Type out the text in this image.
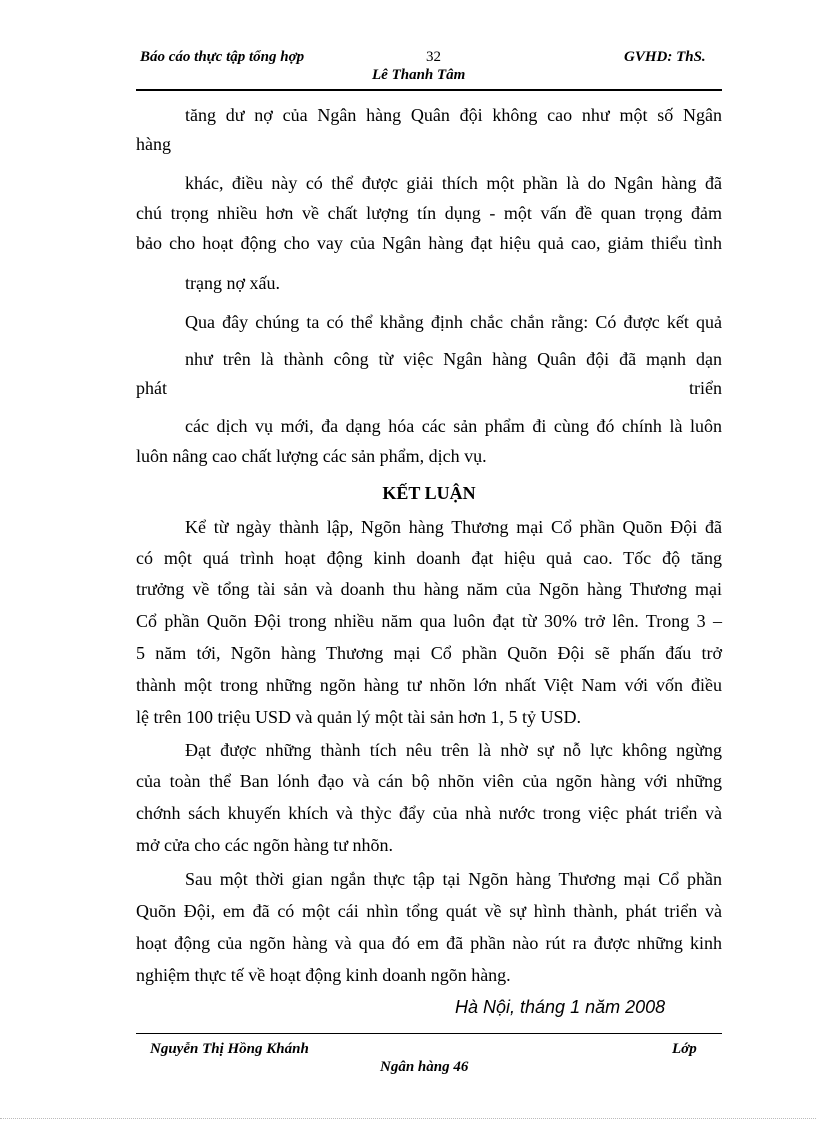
Báo cáo thực tập tổng hợp	32	GVHD: ThS.
Lê Thanh Tâm
tăng dư nợ của Ngân hàng Quân đội không cao như một số Ngân
hàng
khác, điều này có thể được giải thích một phần là do Ngân hàng đã
chú trọng nhiều hơn về chất lượng tín dụng - một vấn đề quan trọng đảm
bảo cho hoạt động cho vay của Ngân hàng đạt hiệu quả cao, giảm thiểu tình
trạng nợ xấu.
Qua đây chúng ta có thể khẳng định chắc chắn rằng: Có được kết quả
như trên là thành công từ việc Ngân hàng Quân đội đã mạnh dạn
phát	triển
các dịch vụ mới, đa dạng hóa các sản phẩm đi cùng đó chính là luôn
luôn nâng cao chất lượng các sản phẩm, dịch vụ.
KẾT LUẬN
Kể từ ngày thành lập, Ngõn hàng Thương mại Cổ phần Quõn Đội đã
có một quá trình hoạt động kinh doanh đạt hiệu quả cao. Tốc độ tăng
trưởng về tổng tài sản và doanh thu hàng năm của Ngõn hàng Thương mại
Cổ phần Quõn Đội trong nhiều năm qua luôn đạt từ 30% trở lên. Trong 3 –
5 năm tới, Ngõn hàng Thương mại Cổ phần Quõn Đội sẽ phấn đấu trở
thành một trong những ngõn hàng tư nhõn lớn nhất Việt Nam với vốn điều
lệ trên 100 triệu USD và quản lý một tài sản hơn 1, 5 tỷ USD.
Đạt được những thành tích nêu trên là nhờ sự nỗ lực không ngừng
của toàn thể Ban lónh đạo và cán bộ nhõn viên của ngõn hàng với những
chớnh sách khuyến khích và thỳc đẩy của nhà nước trong việc phát triển và
mở cửa cho các ngõn hàng tư nhõn.
Sau một thời gian ngắn thực tập tại Ngõn hàng Thương mại Cổ phần
Quõn Đội, em đã có một cái nhìn tổng quát về sự hình thành, phát triển và
hoạt động của ngõn hàng và qua đó em đã phần nào rút ra được những kinh
nghiệm thực tế về hoạt động kinh doanh ngõn hàng.
Hà Nội, tháng 1 năm 2008
Nguyễn Thị Hồng Khánh	Lớp
Ngân hàng 46
